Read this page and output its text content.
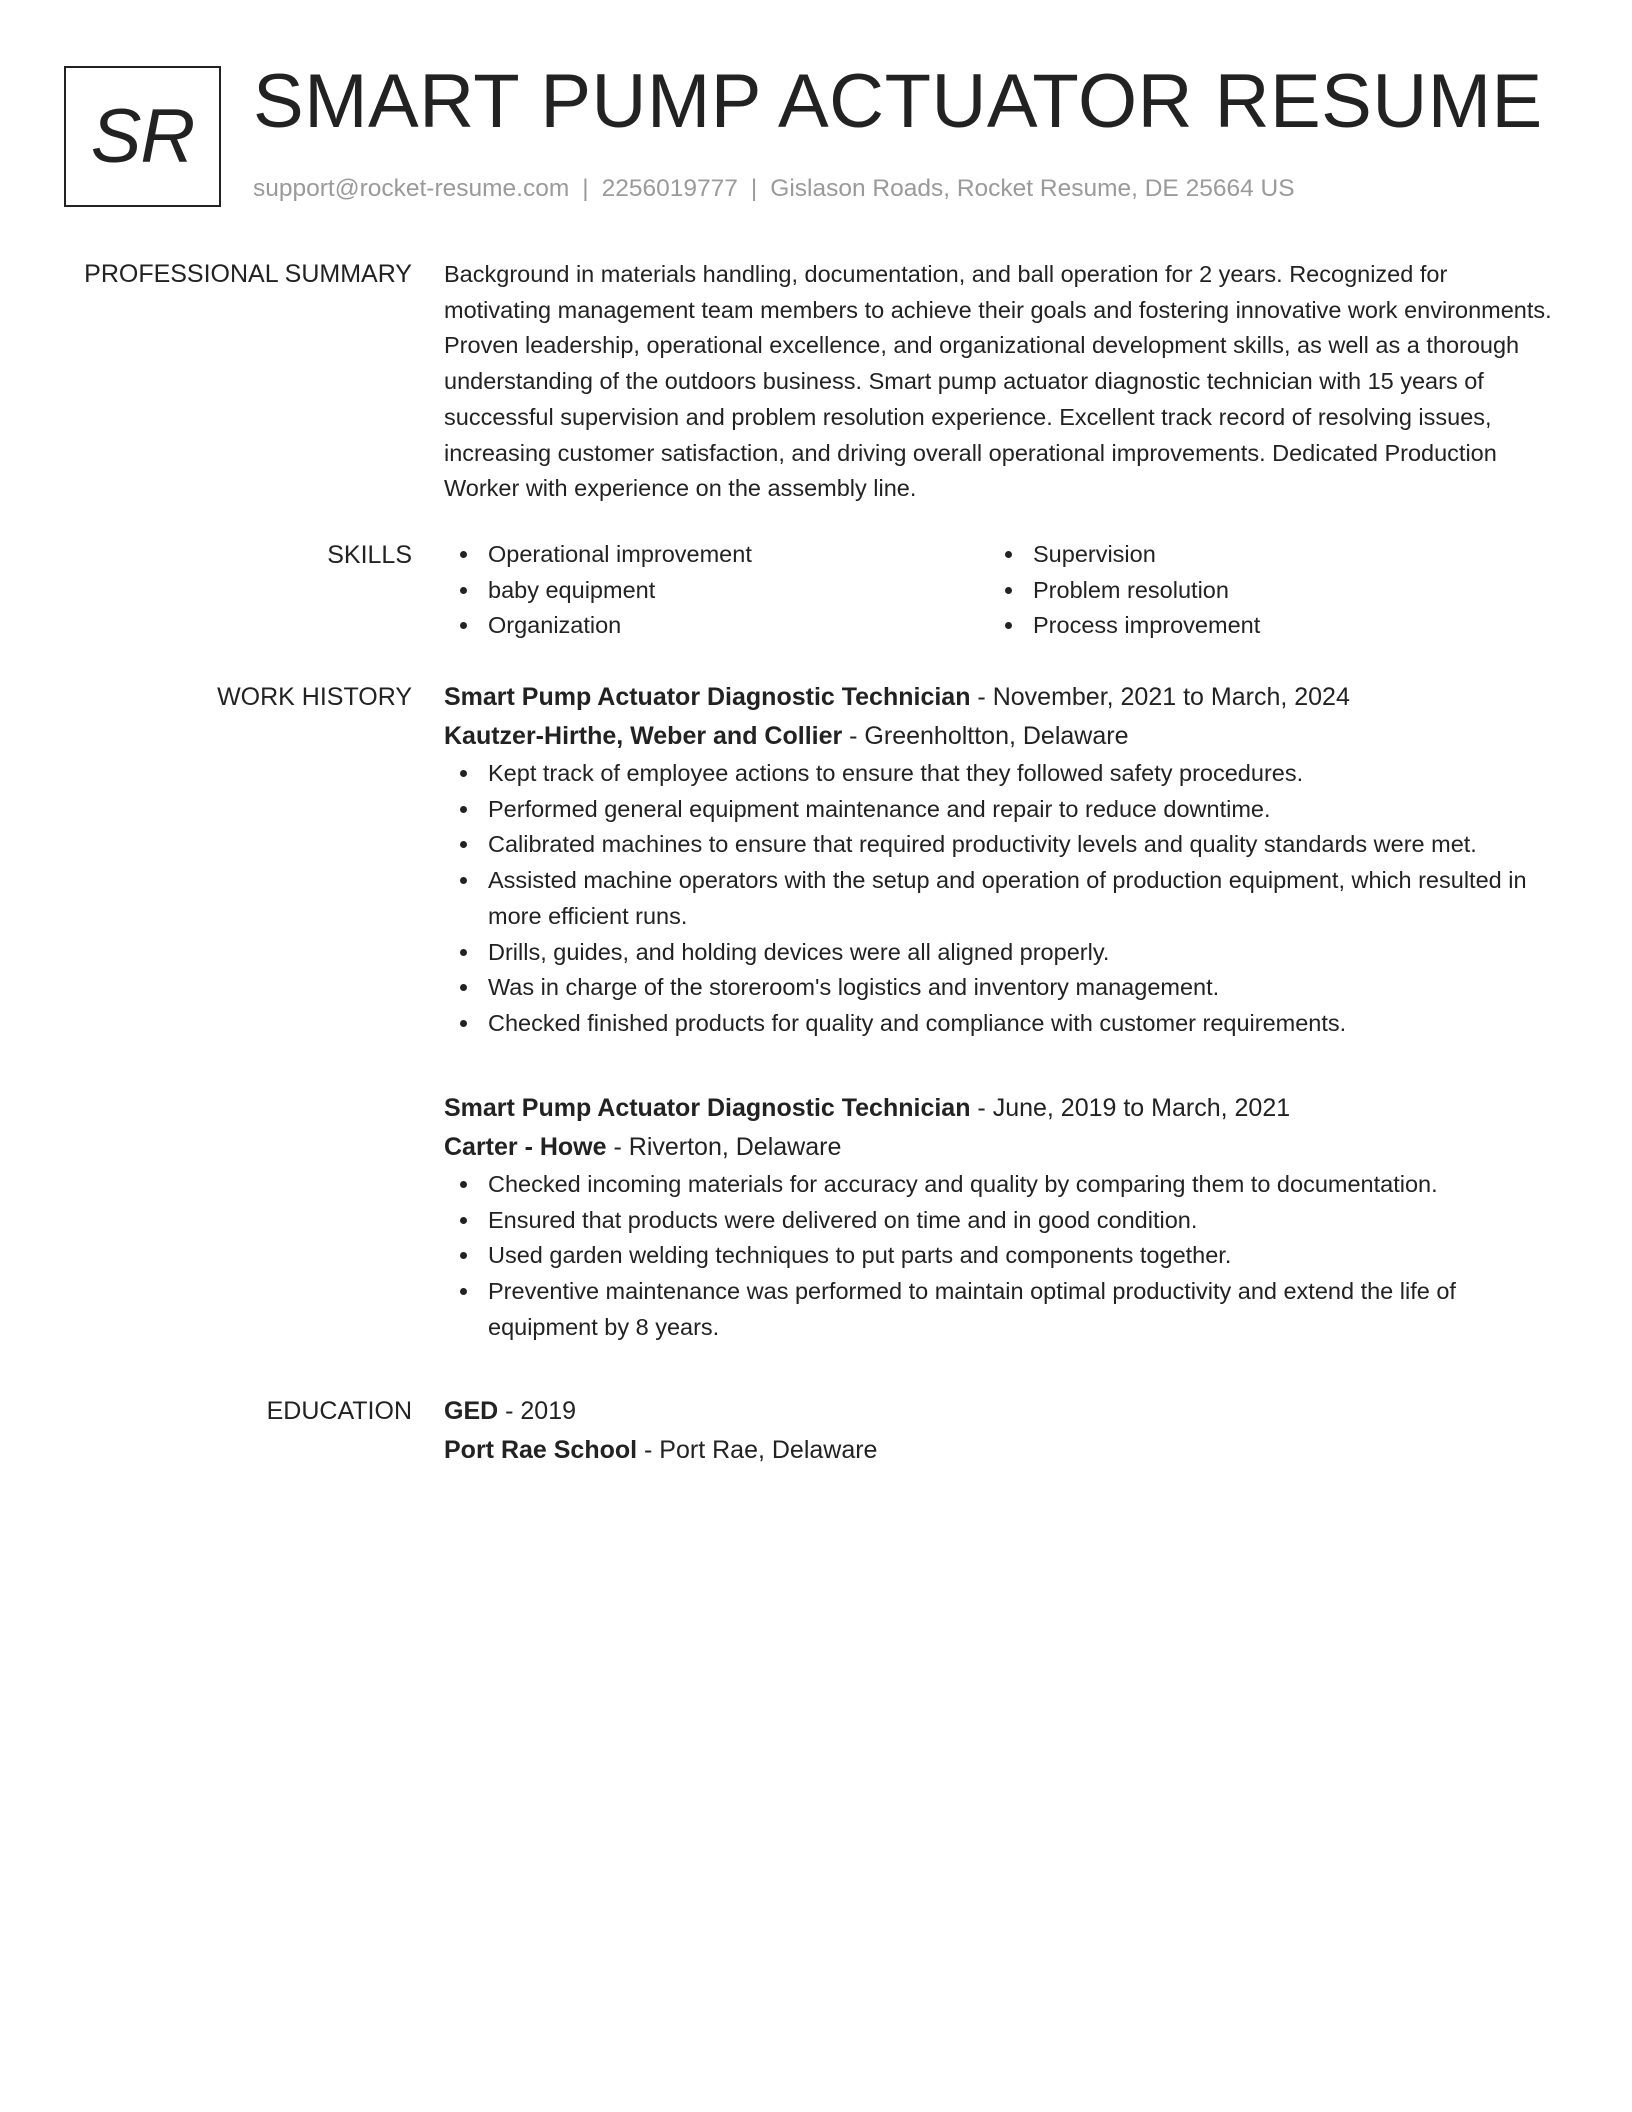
SR SMART PUMP ACTUATOR RESUME
support@rocket-resume.com | 2256019777 | Gislason Roads, Rocket Resume, DE 25664 US
PROFESSIONAL SUMMARY Background in materials handling, documentation, and ball operation for 2 years. Recognized for motivating management team members to achieve their goals and fostering innovative work environments. Proven leadership, operational excellence, and organizational development skills, as well as a thorough understanding of the outdoors business. Smart pump actuator diagnostic technician with 15 years of successful supervision and problem resolution experience. Excellent track record of resolving issues, increasing customer satisfaction, and driving overall operational improvements. Dedicated Production Worker with experience on the assembly line.

SKILLS	Operational improvement
baby equipment
Organization
Supervision
Problem resolution
Process improvement
WORK HISTORY Smart Pump Actuator Diagnostic Technician - November, 2021 to March, 2024
Kautzer-Hirthe, Weber and Collier - Greenholtton, Delaware
Kept track of employee actions to ensure that they followed safety procedures.
Performed general equipment maintenance and repair to reduce downtime.
Calibrated machines to ensure that required productivity levels and quality standards were met.
Assisted machine operators with the setup and operation of production equipment, which resulted in more efficient runs.
Drills, guides, and holding devices were all aligned properly.
Was in charge of the storeroom's logistics and inventory management.
Checked finished products for quality and compliance with customer requirements.
Smart Pump Actuator Diagnostic Technician - June, 2019 to March, 2021
Carter - Howe - Riverton, Delaware
Checked incoming materials for accuracy and quality by comparing them to documentation.
Ensured that products were delivered on time and in good condition.
Used garden welding techniques to put parts and components together.
Preventive maintenance was performed to maintain optimal productivity and extend the life of equipment by 8 years.
EDUCATION GED - 2019
Port Rae School - Port Rae, Delaware
